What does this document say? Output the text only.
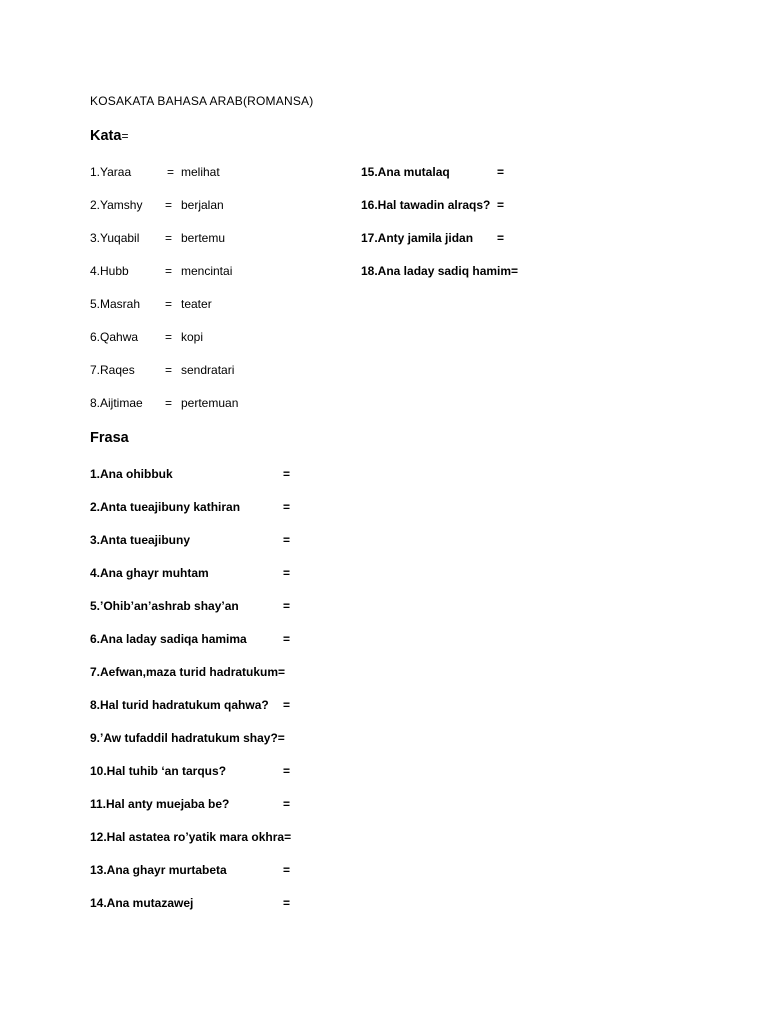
KOSAKATA BAHASA ARAB(ROMANSA)
Kata=
1.Yaraa	= melihat
2.Yamshy = berjalan
3.Yuqabil = bertemu
4.Hubb	= mencintai
5.Masrah = teater
6.Qahwa = kopi
7.Raqes	= sendratari
8.Aijtimae = pertemuan
15.Ana mutalaq	=
16.Hal tawadin alraqs? =
17.Anty jamila jidan =
18.Ana laday sadiq hamim=
Frasa
1.Ana ohibbuk	=
2.Anta tueajibuny kathiran	=
3.Anta tueajibuny	=
4.Ana ghayr muhtam	=
5.’Ohib’an’ashrab shay’an	=
6.Ana laday sadiqa hamima	=
7.Aefwan,maza turid hadratukum=
8.Hal turid hadratukum qahwa? =
9.’Aw tufaddil hadratukum shay?=
10.Hal tuhib ‘an tarqus?	=
11.Hal anty muejaba be?	=
12.Hal astatea ro’yatik mara okhra=
13.Ana ghayr murtabeta	=
14.Ana mutazawej	=
